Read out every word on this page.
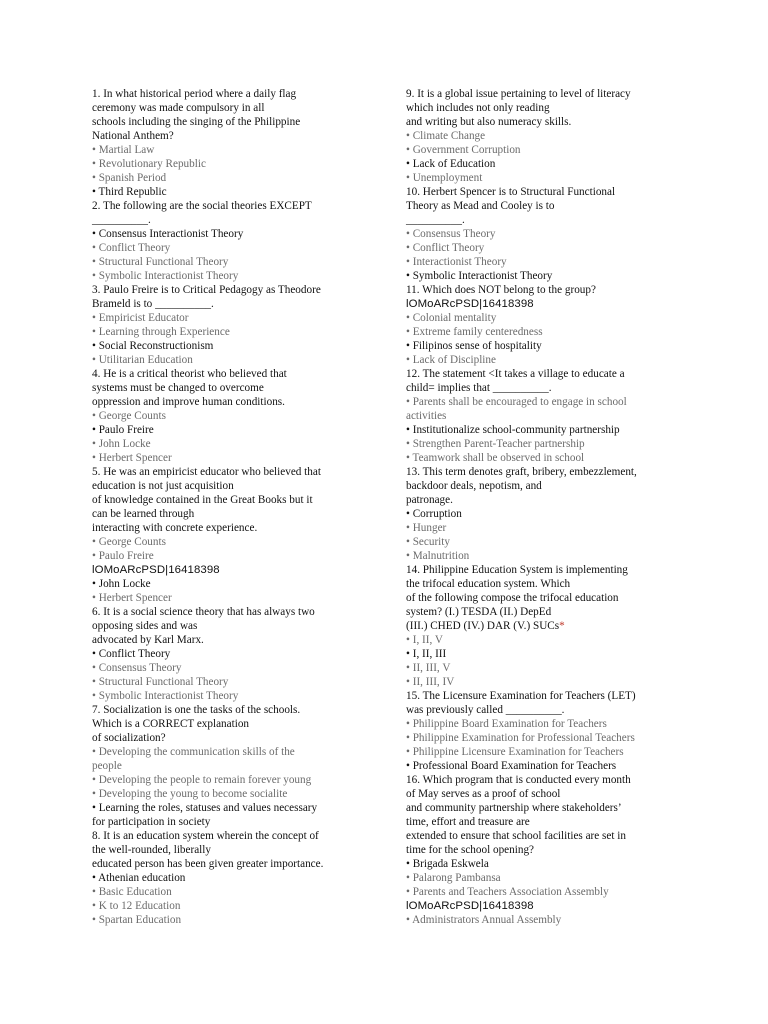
1. In what historical period where a daily flag
ceremony was made compulsory in all
schools including the singing of the Philippine
National Anthem?
• Martial Law
• Revolutionary Republic
• Spanish Period
• Third Republic
2. The following are the social theories EXCEPT
__________.
• Consensus Interactionist Theory
• Conflict Theory
• Structural Functional Theory
• Symbolic Interactionist Theory
3. Paulo Freire is to Critical Pedagogy as Theodore
Brameld is to __________.
• Empiricist Educator
• Learning through Experience
• Social Reconstructionism
• Utilitarian Education
4. He is a critical theorist who believed that
systems must be changed to overcome
oppression and improve human conditions.
• George Counts
• Paulo Freire
• John Locke
• Herbert Spencer
5. He was an empiricist educator who believed that
education is not just acquisition
of knowledge contained in the Great Books but it
can be learned through
interacting with concrete experience.
• George Counts
• Paulo Freire
lOMoARcPSD|16418398
• John Locke
• Herbert Spencer
6. It is a social science theory that has always two
opposing sides and was
advocated by Karl Marx.
• Conflict Theory
• Consensus Theory
• Structural Functional Theory
• Symbolic Interactionist Theory
7. Socialization is one the tasks of the schools.
Which is a CORRECT explanation
of socialization?
• Developing the communication skills of the
people
• Developing the people to remain forever young
• Developing the young to become socialite
• Learning the roles, statuses and values necessary
for participation in society
8. It is an education system wherein the concept of
the well-rounded, liberally
educated person has been given greater importance.
• Athenian education
• Basic Education
• K to 12 Education
• Spartan Education
9. It is a global issue pertaining to level of literacy
which includes not only reading
and writing but also numeracy skills.
• Climate Change
• Government Corruption
• Lack of Education
• Unemployment
10. Herbert Spencer is to Structural Functional
Theory as Mead and Cooley is to
__________.
• Consensus Theory
• Conflict Theory
• Interactionist Theory
• Symbolic Interactionist Theory
11. Which does NOT belong to the group?
lOMoARcPSD|16418398
• Colonial mentality
• Extreme family centeredness
• Filipinos sense of hospitality
• Lack of Discipline
12. The statement <It takes a village to educate a
child= implies that __________.
• Parents shall be encouraged to engage in school
activities
• Institutionalize school-community partnership
• Strengthen Parent-Teacher partnership
• Teamwork shall be observed in school
13. This term denotes graft, bribery, embezzlement,
backdoor deals, nepotism, and
patronage.
• Corruption
• Hunger
• Security
• Malnutrition
14. Philippine Education System is implementing
the trifocal education system. Which
of the following compose the trifocal education
system? (I.) TESDA (II.) DepEd
(III.) CHED (IV.) DAR (V.) SUCs*
• I, II, V
• I, II, III
• II, III, V
• II, III, IV
15. The Licensure Examination for Teachers (LET)
was previously called __________.
• Philippine Board Examination for Teachers
• Philippine Examination for Professional Teachers
• Philippine Licensure Examination for Teachers
• Professional Board Examination for Teachers
16. Which program that is conducted every month
of May serves as a proof of school
and community partnership where stakeholders’
time, effort and treasure are
extended to ensure that school facilities are set in
time for the school opening?
• Brigada Eskwela
• Palarong Pambansa
• Parents and Teachers Association Assembly
lOMoARcPSD|16418398
• Administrators Annual Assembly
